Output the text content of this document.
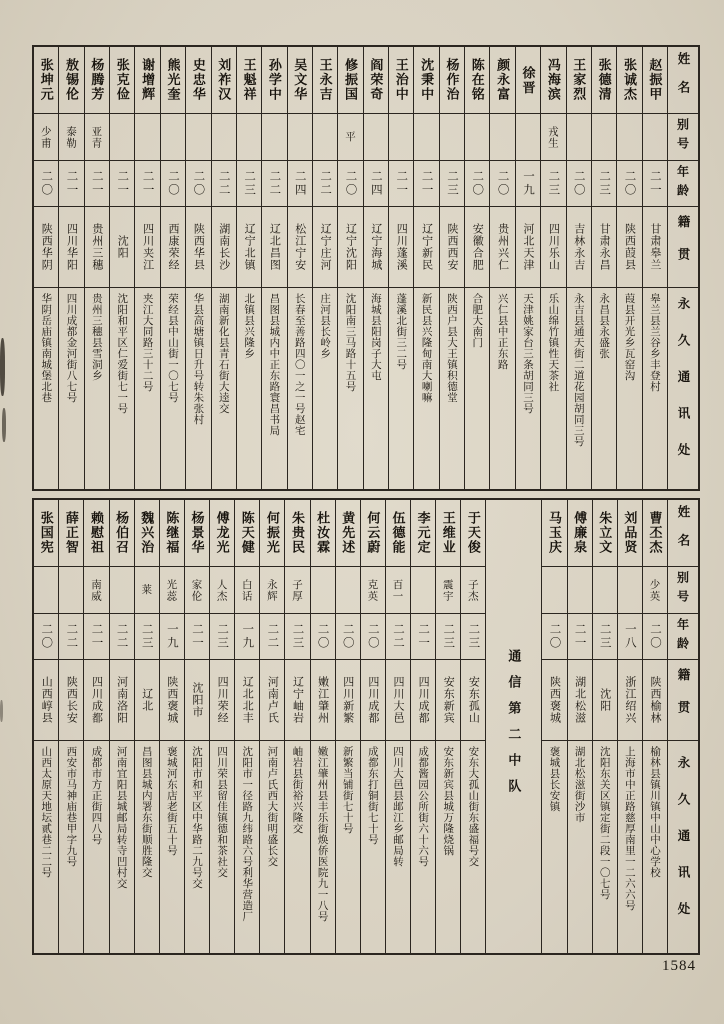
姓名
别号
年龄
籍贯
永久通讯处
赵振甲
二一
甘肃皋兰
皋兰县兰谷乡丰登村
张诚杰
二〇
陕西葭县
葭县开光乡瓦窑沟
张德清
二三
甘肃永昌
永昌县永盛张
王家烈
二〇
吉林永吉
永吉县通天街二道花园胡同三号
冯海滨
戎生
二三
四川乐山
乐山绵竹镇性天茶社
徐晋
一九
河北天津
天津姚家台三条胡同三号
颜永富
二〇
贵州兴仁
兴仁县中正东路
陈在铭
二〇
安徽合肥
合肥大南门
杨作治
二三
陕西西安
陕西户县大王镇积德堂
沈秉中
二一
辽宁新民
新民县兴隆甸南大喇嘛
王治中
二一
四川蓬溪
蓬溪北街三二号
阎荣奇
二四
辽宁海城
海城县阳岗子大屯
修振国
平
二〇
辽宁沈阳
沈阳南三马路十五号
王永吉
二二
辽宁庄河
庄河县长岭乡
吴文华
二四
松江宁安
长春至善路四〇一之一号赵宅
孙学中
二二
辽北昌图
昌图县城内中正东路寰昌书局
王魁祥
二三
辽宁北镇
北镇县兴隆乡
刘祚汉
二二
湖南长沙
湖南新化县青石街大逵交
史忠华
二〇
陕西华县
华县高塘镇日升号转朱张村
熊光奎
二〇
西康荣经
荣经县中山街一〇七号
谢增辉
二一
四川夹江
夹江大同路三十二号
张克俭
二一
沈阳
沈阳和平区仁爱街七一号
杨腾芳
亚青
二一
贵州三穗
贵州三穗县雪洞乡
敖锡伦
泰勒
二一
四川华阳
四川成都金河街八七号
张坤元
少甫
二〇
陕西华阴
华阴岳庙镇南城堡北巷
姓名
别号
年龄
籍贯
永久通讯处
曹丕杰
少英
二〇
陕西榆林
榆林县镇川镇中山中心学校
刘品贤
一八
浙江绍兴
上海市中正路慈厚南里一二六六号
朱立文
二三
沈阳
沈阳东关区镇定街二段一〇七号
傅廉泉
二一
湖北松滋
湖北松滋街沙市
马玉庆
二〇
陕西褒城
褒城县长安镇
通信第二中队
于天俊
子杰
二三
安东孤山
安东大孤山街东盛福号交
王维业
震宇
二三
安东新宾
安东新宾县城万隆烧锅
李元定
二一
四川成都
成都酱园公所街六十六号
伍德能
百一
二二
四川大邑
四川大邑县䢺江乡邮局转
何云蔚
克英
二〇
四川成都
成都东打铜街七十号
黄先述
二〇
四川新繁
新繁当铺街七十号
杜汝霖
二〇
嫩江肇州
嫩江肇州县丰乐街焕侨医院九一八号
朱贵民
子厚
二三
辽宁岫岩
岫岩县街裕兴隆交
何振光
永辉
二二
河南卢氏
河南卢氏西大街明盛长交
陈天健
白话
一九
辽北北丰
沈阳市一径路九纬路六号利华营造厂
傅龙光
人杰
二三
四川荣经
四川荣县留佳镇德和茶社交
杨景华
家伦
二一
沈阳市
沈阳市和平区中华路二九号交
陈继福
光蕊
一九
陕西褒城
褒城河东店老街五十号
魏兴治
莱
二三
辽北
昌图县城内署东街顺胜隆交
杨伯召
二二
河南洛阳
河南宜阳县城邮局转寺凹村交
赖慰祖
南威
二一
四川成都
成都市方正街四八号
薛正智
二二
陕西长安
西安市马神庙巷甲字九号
张国宪
二〇
山西崞县
山西太原天地坛贰巷二二号
1584
